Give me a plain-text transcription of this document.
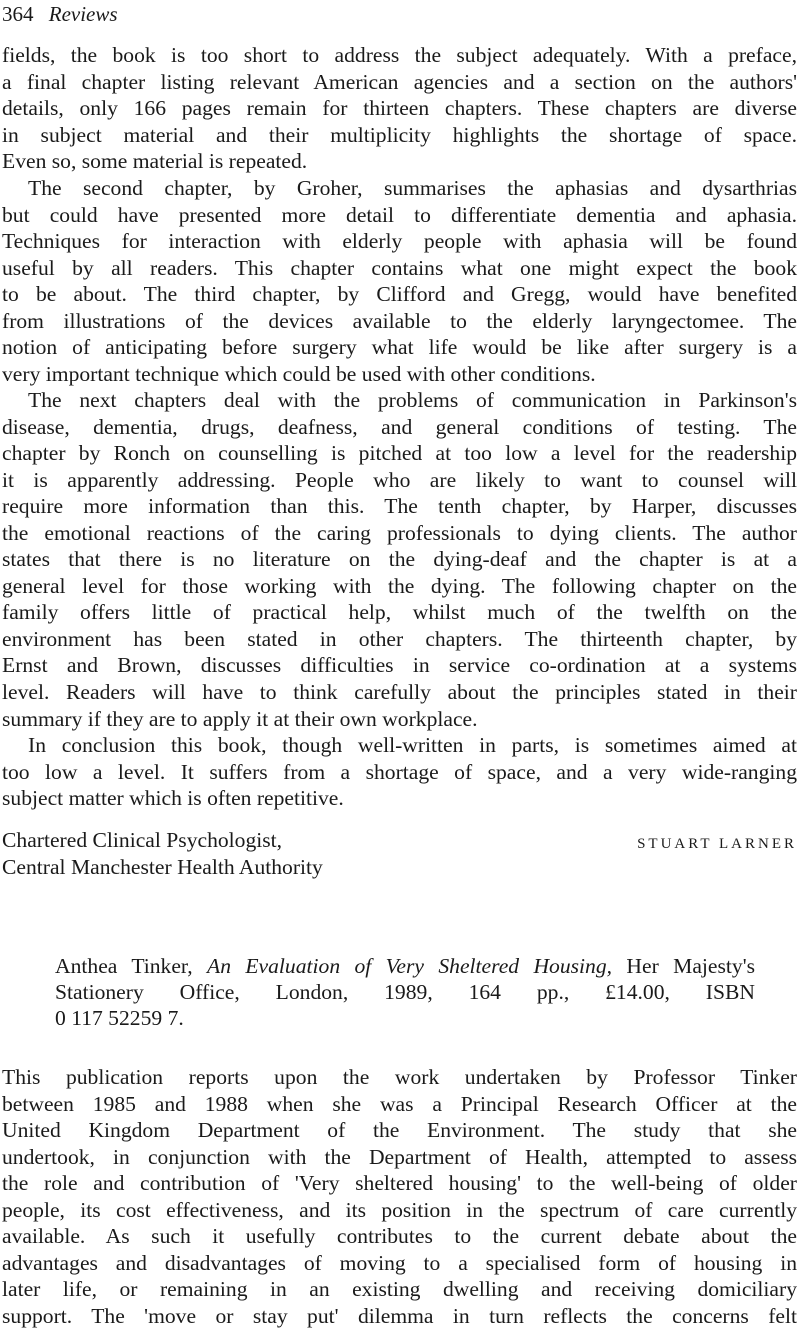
364 Reviews
fields, the book is too short to address the subject adequately. With a preface,
a final chapter listing relevant American agencies and a section on the authors'
details, only 166 pages remain for thirteen chapters. These chapters are diverse
in subject material and their multiplicity highlights the shortage of space.
Even so, some material is repeated.
The second chapter, by Groher, summarises the aphasias and dysarthrias
but could have presented more detail to differentiate dementia and aphasia.
Techniques for interaction with elderly people with aphasia will be found
useful by all readers. This chapter contains what one might expect the book
to be about. The third chapter, by Clifford and Gregg, would have benefited
from illustrations of the devices available to the elderly laryngectomee. The
notion of anticipating before surgery what life would be like after surgery is a
very important technique which could be used with other conditions.
The next chapters deal with the problems of communication in Parkinson's
disease, dementia, drugs, deafness, and general conditions of testing. The
chapter by Ronch on counselling is pitched at too low a level for the readership
it is apparently addressing. People who are likely to want to counsel will
require more information than this. The tenth chapter, by Harper, discusses
the emotional reactions of the caring professionals to dying clients. The author
states that there is no literature on the dying-deaf and the chapter is at a
general level for those working with the dying. The following chapter on the
family offers little of practical help, whilst much of the twelfth on the
environment has been stated in other chapters. The thirteenth chapter, by
Ernst and Brown, discusses difficulties in service co-ordination at a systems
level. Readers will have to think carefully about the principles stated in their
summary if they are to apply it at their own workplace.
In conclusion this book, though well-written in parts, is sometimes aimed at
too low a level. It suffers from a shortage of space, and a very wide-ranging
subject matter which is often repetitive.
Chartered Clinical Psychologist,
Central Manchester Health Authority
STUART LARNER
Anthea Tinker, An Evaluation of Very Sheltered Housing, Her Majesty's
Stationery Office, London, 1989, 164 pp., £14.00, ISBN
0 117 52259 7.
This publication reports upon the work undertaken by Professor Tinker
between 1985 and 1988 when she was a Principal Research Officer at the
United Kingdom Department of the Environment. The study that she
undertook, in conjunction with the Department of Health, attempted to assess
the role and contribution of 'Very sheltered housing' to the well-being of older
people, its cost effectiveness, and its position in the spectrum of care currently
available. As such it usefully contributes to the current debate about the
advantages and disadvantages of moving to a specialised form of housing in
later life, or remaining in an existing dwelling and receiving domiciliary
support. The 'move or stay put' dilemma in turn reflects the concerns felt
